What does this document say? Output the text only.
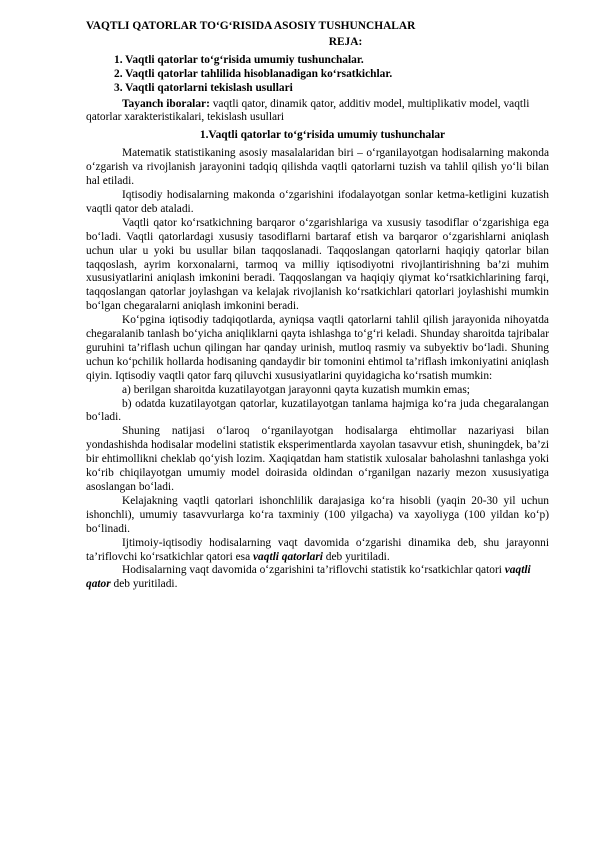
VAQTLI QATORLAR TO‘G‘RISIDA ASOSIY TUSHUNCHALAR

REJA:

1. Vaqtli qatorlar to‘g‘risida umumiy tushunchalar.
2. Vaqtli qatorlar tahlilida hisoblanadigan ko‘rsatkichlar.
3. Vaqtli qatorlarni tekislash usullari

Tayanch iboralar: vaqtli qator, dinamik qator, additiv model, multiplikativ model, vaqtli qatorlar xarakteristikalari, tekislash usullari

1.Vaqtli qatorlar to‘g‘risida umumiy tushunchalar

Matematik statistikaning asosiy masalalaridan biri – o‘rganilayotgan hodisalarning makonda o‘zgarish va rivojlanish jarayonini tadqiq qilishda vaqtli qatorlarni tuzish va tahlil qilish yo‘li bilan hal etiladi.

Iqtisodiy hodisalarning makonda o‘zgarishini ifodalayotgan sonlar ketma-ketligini kuzatish vaqtli qator deb ataladi.

Vaqtli qator ko‘rsatkichning barqaror o‘zgarishlariga va xususiy tasodiflar o‘zgarishiga ega bo‘ladi. Vaqtli qatorlardagi xususiy tasodiflarni bartaraf etish va barqaror o‘zgarishlarni aniqlash uchun ular u yoki bu usullar bilan taqqoslanadi. Taqqoslangan qatorlarni haqiqiy qatorlar bilan taqqoslash, ayrim korxonalarni, tarmoq va milliy iqtisodiyotni rivojlantirishning ba’zi muhim xususiyatlarini aniqlash imkonini beradi. Taqqoslangan va haqiqiy qiymat ko‘rsatkichlarining farqi, taqqoslangan qatorlar joylashgan va kelajak rivojlanish ko‘rsatkichlari qatorlari joylashishi mumkin bo‘lgan chegaralarni aniqlash imkonini beradi.

Ko‘pgina iqtisodiy tadqiqotlarda, ayniqsa vaqtli qatorlarni tahlil qilish jarayonida nihoyatda chegaralanib tanlash bo‘yicha aniqliklarni qayta ishlashga to‘g‘ri keladi. Shunday sharoitda tajribalar guruhini ta’riflash uchun qilingan har qanday urinish, mutloq rasmiy va subyektiv bo‘ladi. Shuning uchun ko‘pchilik hollarda hodisaning qandaydir bir tomonini ehtimol ta’riflash imkoniyatini aniqlash qiyin. Iqtisodiy vaqtli qator farq qiluvchi xususiyatlarini quyidagicha ko‘rsatish mumkin:

a) berilgan sharoitda kuzatilayotgan jarayonni qayta kuzatish mumkin emas;

b) odatda kuzatilayotgan qatorlar, kuzatilayotgan tanlama hajmiga ko‘ra juda chegaralangan bo‘ladi.

Shuning natijasi o‘laroq o‘rganilayotgan hodisalarga ehtimollar nazariyasi bilan yondashishda hodisalar modelini statistik eksperimentlarda xayolan tasavvur etish, shuningdek, ba’zi bir ehtimollikni cheklab qo‘yish lozim. Xaqiqatdan ham statistik xulosalar baholashni tanlashga yoki ko‘rib chiqilayotgan umumiy model doirasida oldindan o‘rganilgan nazariy mezon xususiyatiga asoslangan bo‘ladi.

Kelajakning vaqtli qatorlari ishonchlilik darajasiga ko‘ra hisobli (yaqin 20-30 yil uchun ishonchli), umumiy tasavvurlarga ko‘ra taxminiy (100 yilgacha) va xayoliyga (100 yildan ko‘p) bo‘linadi.

Ijtimoiy-iqtisodiy hodisalarning vaqt davomida o‘zgarishi dinamika deb, shu jarayonni ta’riflovchi ko‘rsatkichlar qatori esa vaqtli qatorlari deb yuritiladi.

Hodisalarning vaqt davomida o‘zgarishini ta’riflovchi statistik ko‘rsatkichlar qatori vaqtli qator deb yuritiladi.
